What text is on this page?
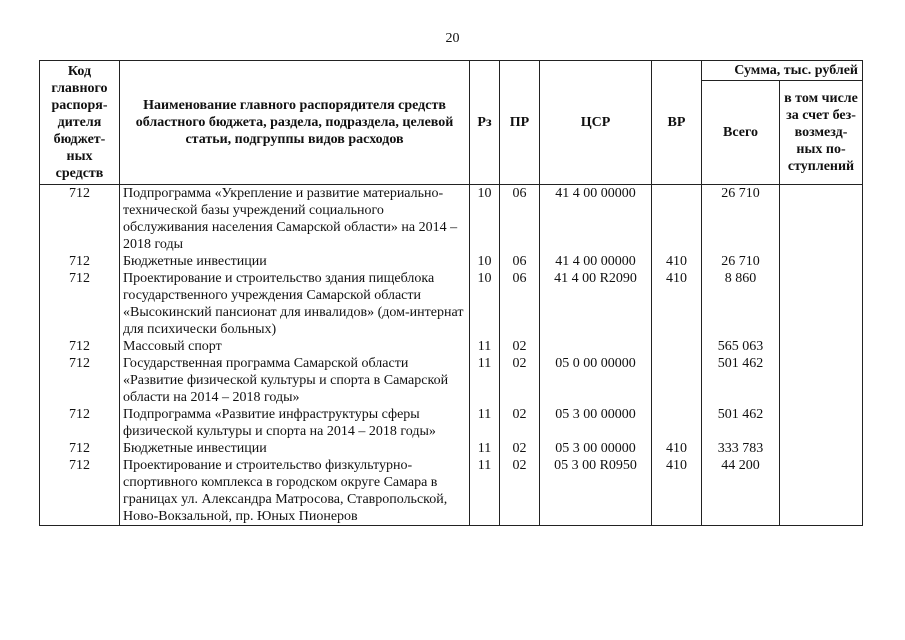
20
Код главного распоря-дителя бюджет-ных средств	Наименование главного распорядителя средств областного бюджета, раздела, подраздела, целевой статьи, подгруппы видов расходов	Рз	ПР	ЦСР	ВР	Сумма, тыс. рублей	
						Всего	в том числе за счет без-возмезд-ных по-ступлений
712	Подпрограмма «Укрепление и развитие материально-технической базы учреждений социального обслуживания населения Самарской области» на 2014 – 2018 годы	10	06	41 4 00 00000		26 710	
712	Бюджетные инвестиции	10	06	41 4 00 00000	410	26 710	
712	Проектирование и строительство здания пищеблока государственного учреждения Самарской области «Высокинский пансионат для инвалидов» (дом-интернат для психически больных)	10	06	41 4 00 R2090	410	8 860	
712	Массовый спорт	11	02			565 063	
712	Государственная программа Самарской области «Развитие физической культуры и спорта в Самарской области на 2014 – 2018 годы»	11	02	05 0 00 00000		501 462	
712	Подпрограмма «Развитие инфраструктуры сферы физической культуры и спорта на 2014 – 2018 годы»	11	02	05 3 00 00000		501 462	
712	Бюджетные инвестиции	11	02	05 3 00 00000	410	333 783	
712	Проектирование и строительство физкультурно-спортивного комплекса в городском округе Самара в границах ул. Александра Матросова, Ставропольской, Ново-Вокзальной, пр. Юных Пионеров	11	02	05 3 00 R0950	410	44 200	
